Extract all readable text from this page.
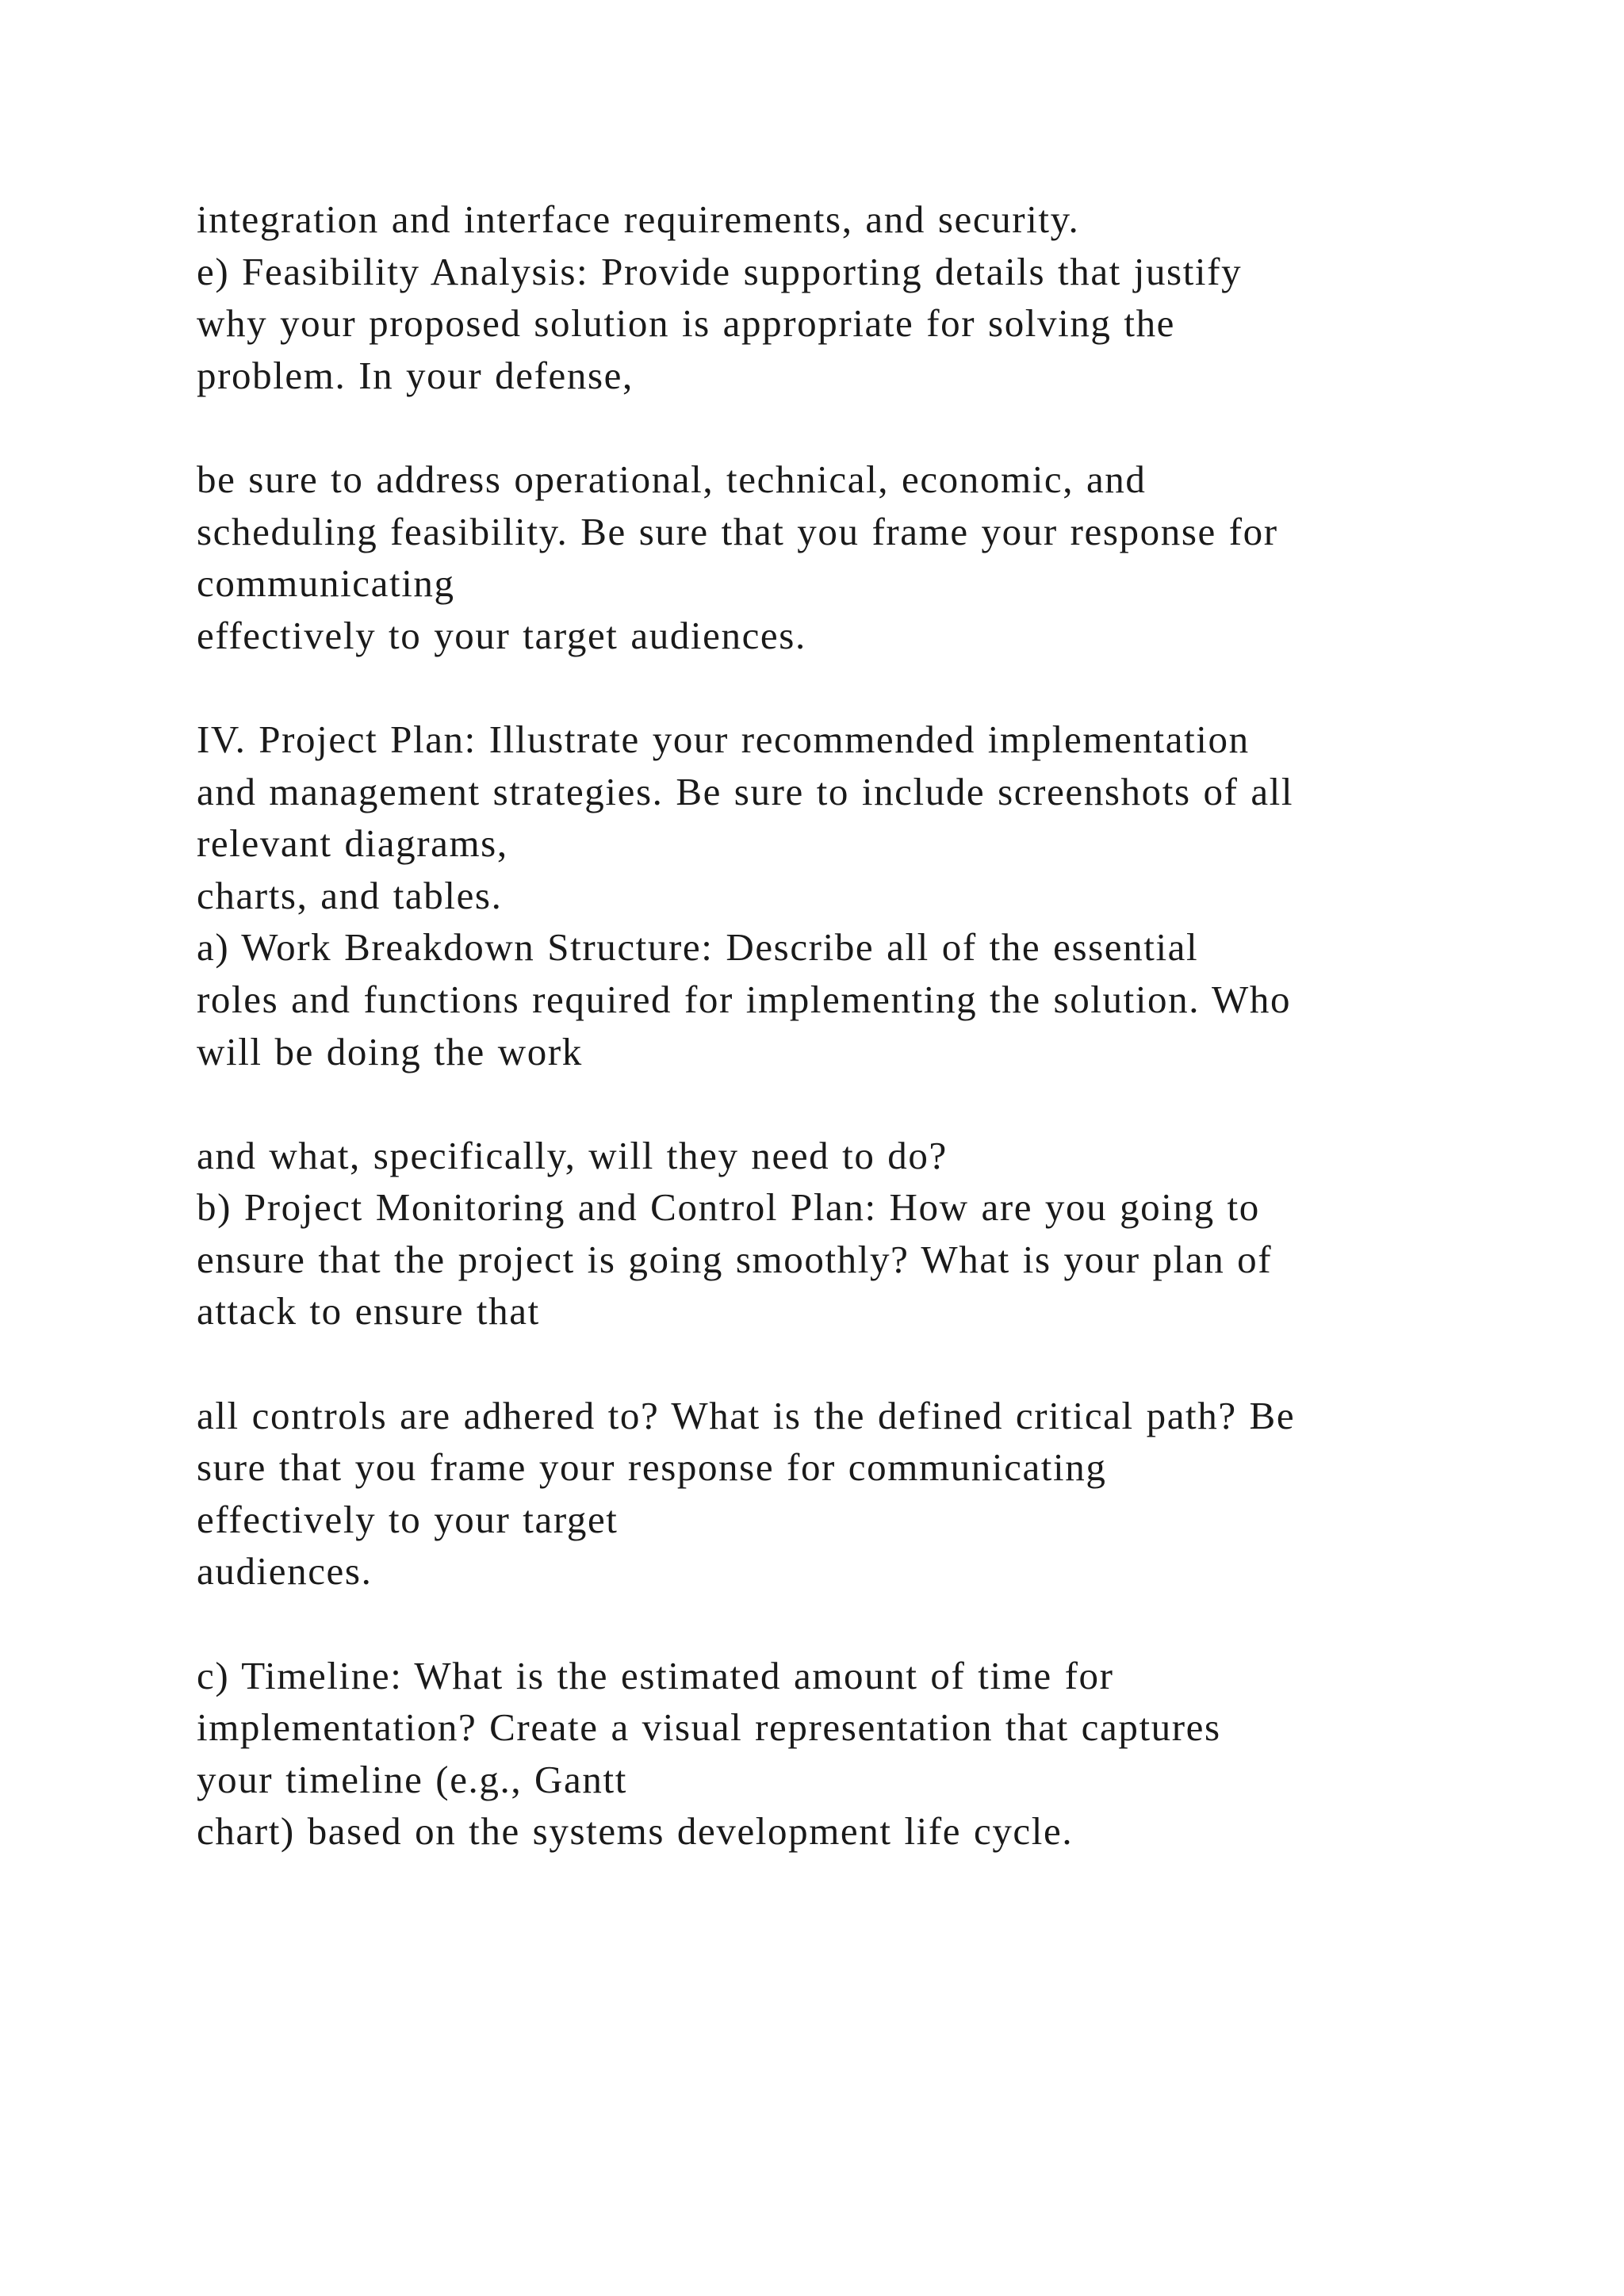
integration and interface requirements, and security.
e) Feasibility Analysis: Provide supporting details that justify
why your proposed solution is appropriate for solving the
problem. In your defense,
be sure to address operational, technical, economic, and
scheduling feasibility. Be sure that you frame your response for
communicating
effectively to your target audiences.
IV. Project Plan: Illustrate your recommended implementation
and management strategies. Be sure to include screenshots of all
relevant diagrams,
charts, and tables.
a) Work Breakdown Structure: Describe all of the essential
roles and functions required for implementing the solution. Who
will be doing the work
and what, specifically, will they need to do?
b) Project Monitoring and Control Plan: How are you going to
ensure that the project is going smoothly? What is your plan of
attack to ensure that
all controls are adhered to? What is the defined critical path? Be
sure that you frame your response for communicating
effectively to your target
audiences.
c) Timeline: What is the estimated amount of time for
implementation? Create a visual representation that captures
your timeline (e.g., Gantt
chart) based on the systems development life cycle.
